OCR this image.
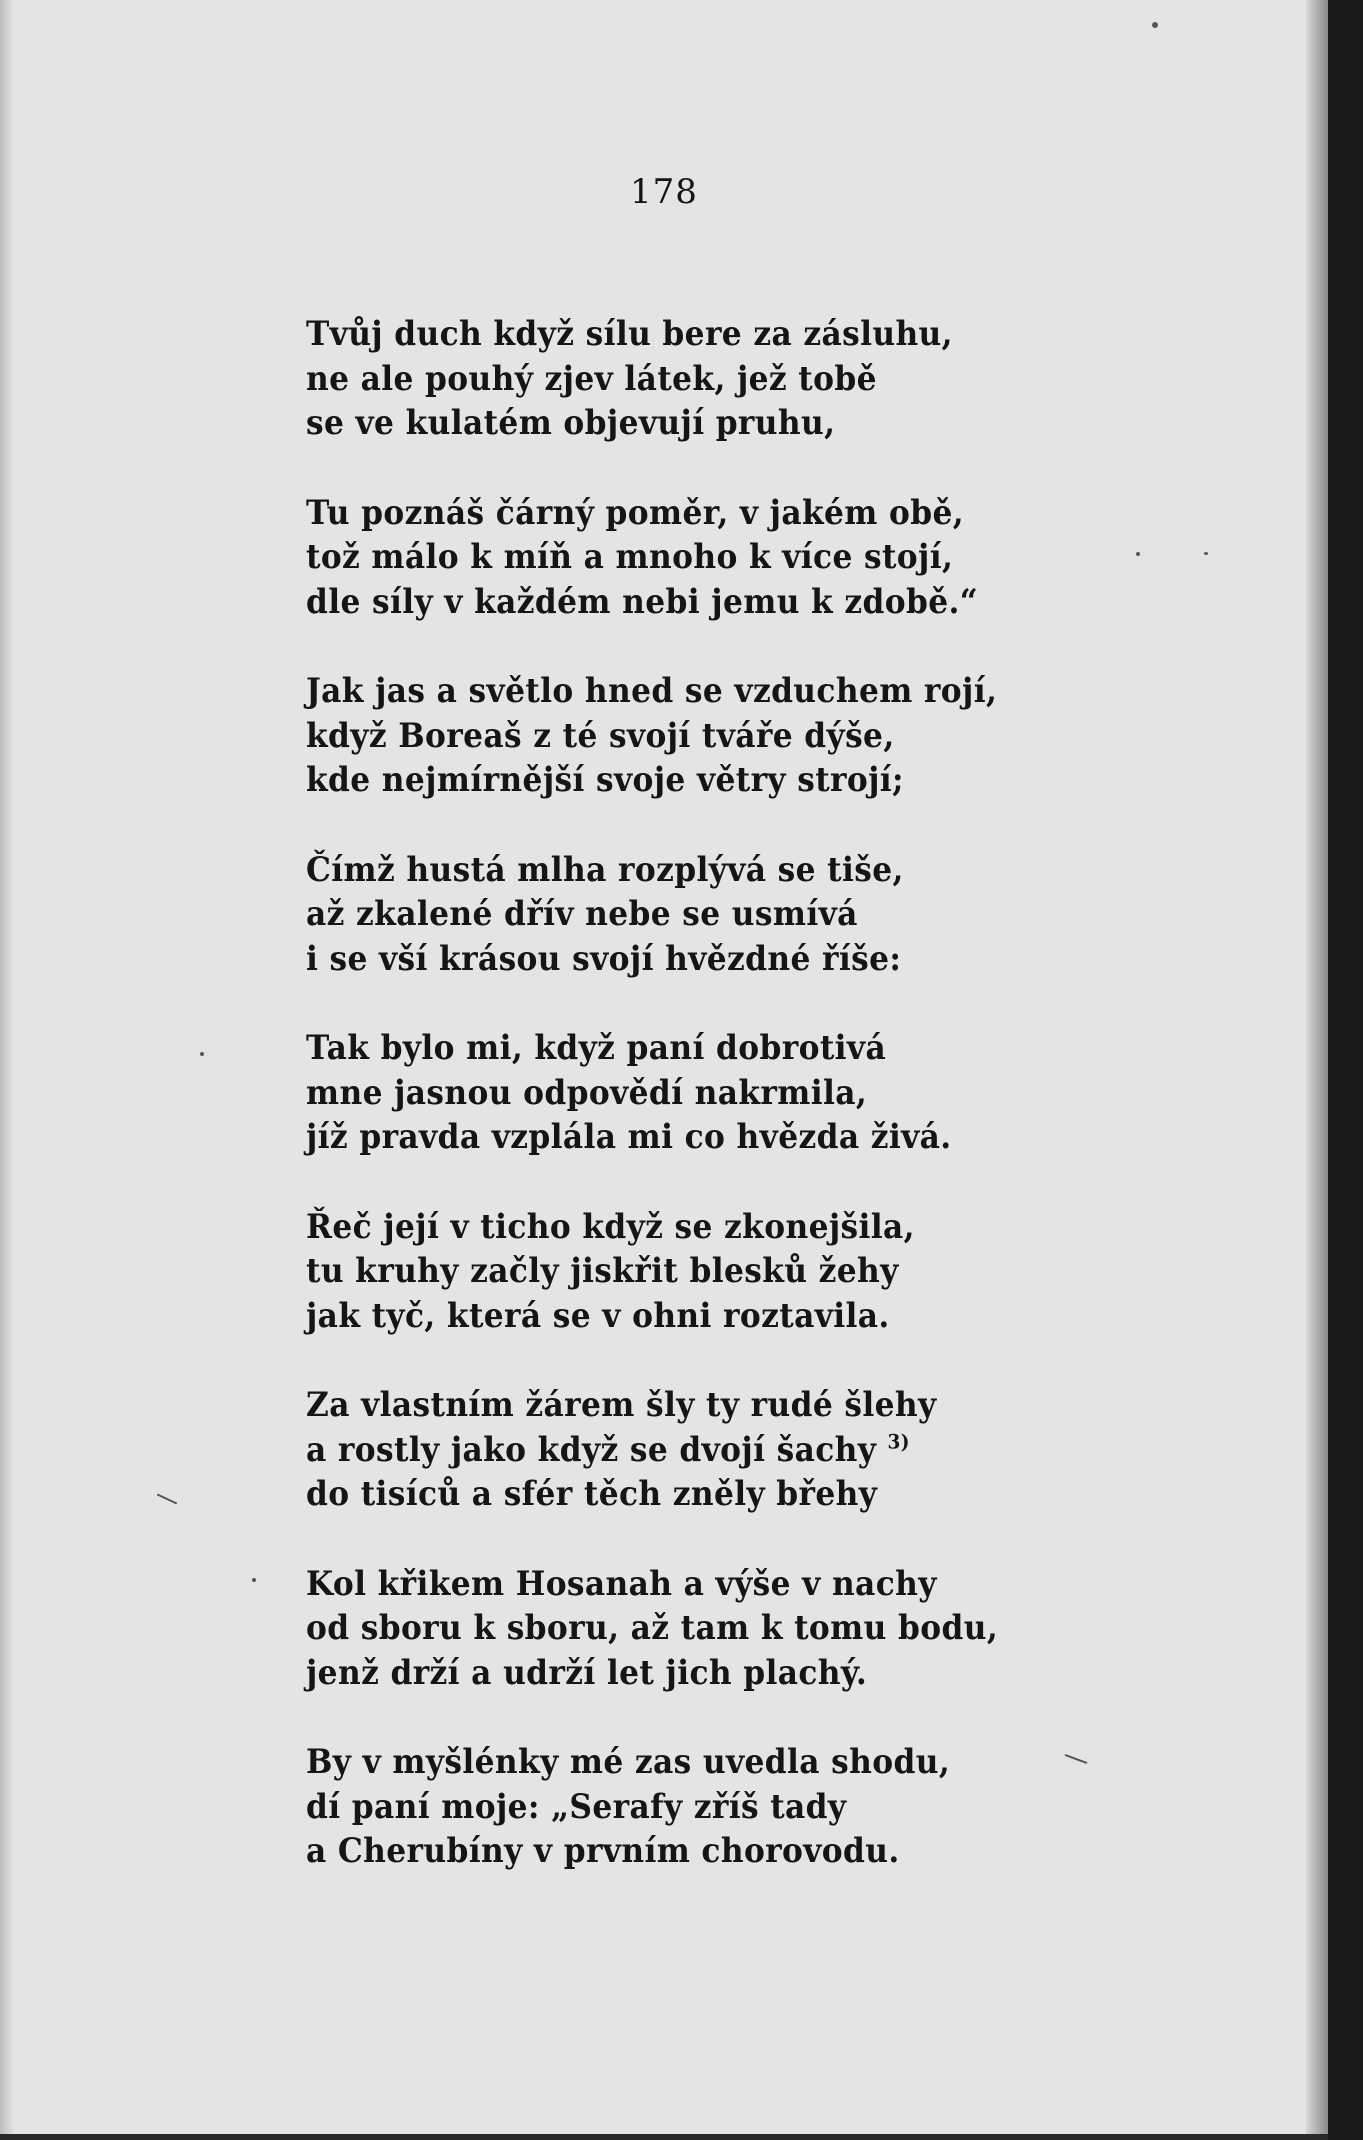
178
Tvůj duch když sílu bere za zásluhu,
ne ale pouhý zjev látek, jež tobě
se ve kulatém objevují pruhu,
Tu poznáš čárný poměr, v jakém obě,
tož málo k míň a mnoho k více stojí,
dle síly v každém nebi jemu k zdobě.“
Jak jas a světlo hned se vzduchem rojí,
když Boreaš z té svojí tváře dýše,
kde nejmírnější svoje větry strojí;
Čímž hustá mlha rozplývá se tiše,
až zkalené dřív nebe se usmívá
i se vší krásou svojí hvězdné říše:
Tak bylo mi, když paní dobrotivá
mne jasnou odpovědí nakrmila,
jíž pravda vzplála mi co hvězda živá.
Řeč její v ticho když se zkonejšila,
tu kruhy začly jiskřit blesků žehy
jak tyč, která se v ohni roztavila.
Za vlastním žárem šly ty rudé šlehy
a rostly jako když se dvojí šachy $^{3)}$
do tisíců a sfér těch zněly břehy
Kol křikem Hosanah a výše v nachy
od sboru k sboru, až tam k tomu bodu,
jenž drží a udrží let jich plachý.
By v myšlénky mé zas uvedla shodu,
dí paní moje: „Serafy zříš tady
a Cherubíny v prvním chorovodu.
